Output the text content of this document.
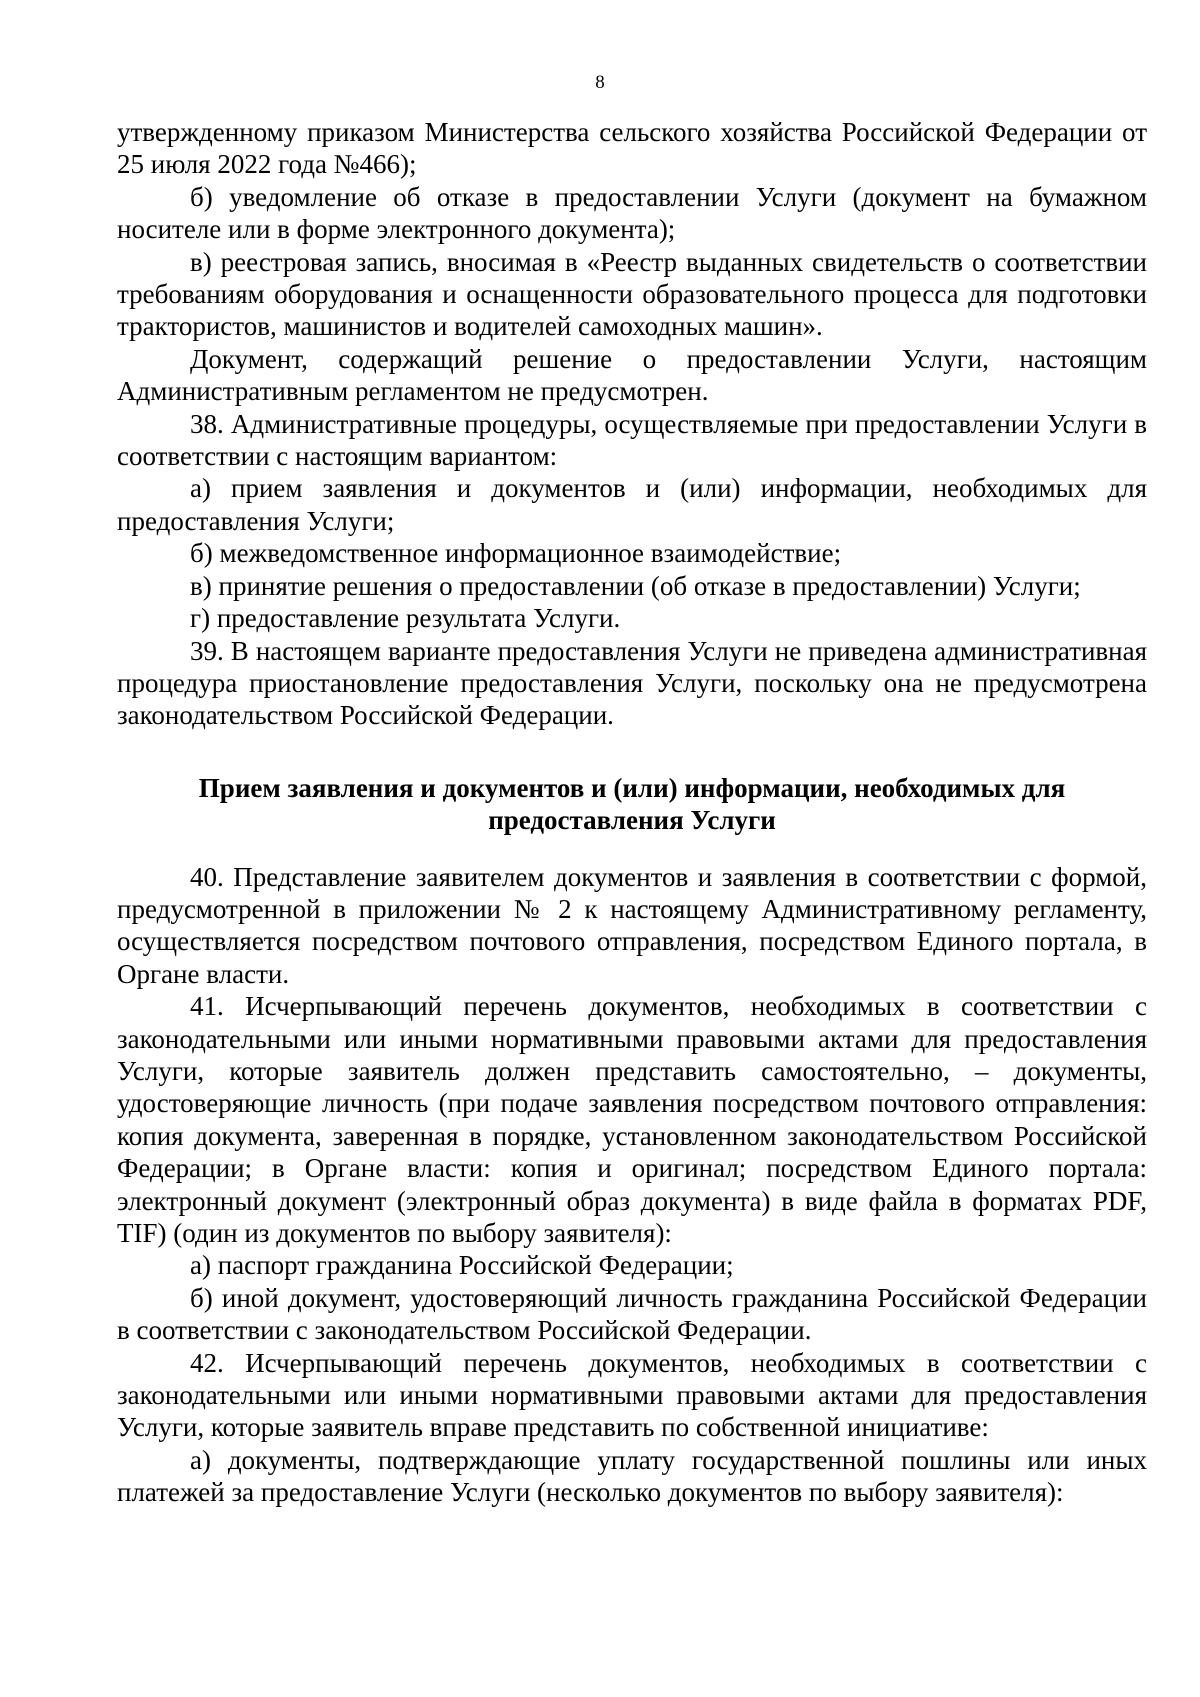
8

утвержденному приказом Министерства сельского хозяйства Российской Федерации от 25 июля 2022 года №466);

б) уведомление об отказе в предоставлении Услуги (документ на бумажном носителе или в форме электронного документа);

в) реестровая запись, вносимая в «Реестр выданных свидетельств о соответствии требованиям оборудования и оснащенности образовательного процесса для подготовки трактористов, машинистов и водителей самоходных машин».

Документ, содержащий решение о предоставлении Услуги, настоящим Административным регламентом не предусмотрен.

38. Административные процедуры, осуществляемые при предоставлении Услуги в соответствии с настоящим вариантом:

а) прием заявления и документов и (или) информации, необходимых для предоставления Услуги;

б) межведомственное информационное взаимодействие;

в) принятие решения о предоставлении (об отказе в предоставлении) Услуги;

г) предоставление результата Услуги.

39. В настоящем варианте предоставления Услуги не приведена административная процедура приостановление предоставления Услуги, поскольку она не предусмотрена законодательством Российской Федерации.

Прием заявления и документов и (или) информации, необходимых для
предоставления Услуги

40. Представление заявителем документов и заявления в соответствии с формой, предусмотренной в приложении № 2 к настоящему Административному регламенту, осуществляется посредством почтового отправления, посредством Единого портала, в Органе власти.

41. Исчерпывающий перечень документов, необходимых в соответствии с законодательными или иными нормативными правовыми актами для предоставления Услуги, которые заявитель должен представить самостоятельно, – документы, удостоверяющие личность (при подаче заявления посредством почтового отправления: копия документа, заверенная в порядке, установленном законодательством Российской Федерации; в Органе власти: копия и оригинал; посредством Единого портала: электронный документ (электронный образ документа) в виде файла в форматах PDF, TIF) (один из документов по выбору заявителя):

а) паспорт гражданина Российской Федерации;

б) иной документ, удостоверяющий личность гражданина Российской Федерации в соответствии с законодательством Российской Федерации.

42. Исчерпывающий перечень документов, необходимых в соответствии с законодательными или иными нормативными правовыми актами для предоставления Услуги, которые заявитель вправе представить по собственной инициативе:

а) документы, подтверждающие уплату государственной пошлины или иных платежей за предоставление Услуги (несколько документов по выбору заявителя):
